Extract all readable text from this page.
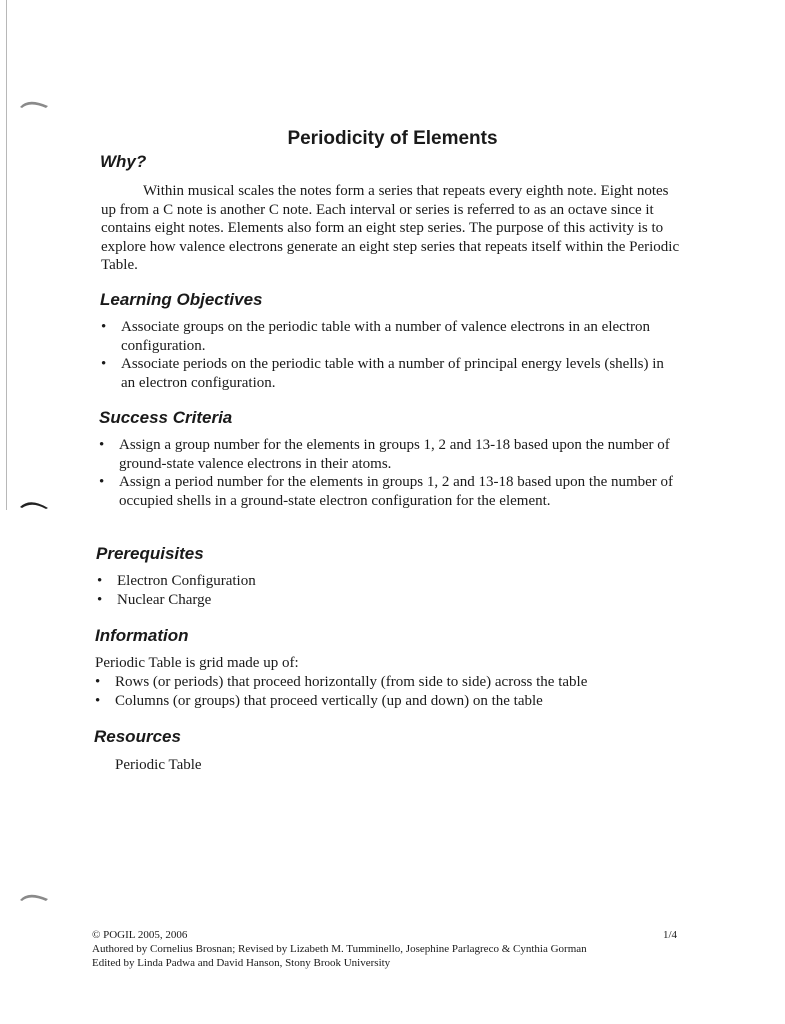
Periodicity of Elements
Why?

Within musical scales the notes form a series that repeats every eighth note. Eight notes up from a C note is another C note. Each interval or series is referred to as an octave since it contains eight notes. Elements also form an eight step series. The purpose of this activity is to explore how valence electrons generate an eight step series that repeats itself within the Periodic Table.

Learning Objectives
• Associate groups on the periodic table with a number of valence electrons in an electron configuration.
• Associate periods on the periodic table with a number of principal energy levels (shells) in an electron configuration.
Success Criteria
• Assign a group number for the elements in groups 1, 2 and 13-18 based upon the number of ground-state valence electrons in their atoms.
• Assign a period number for the elements in groups 1, 2 and 13-18 based upon the number of occupied shells in a ground-state electron configuration for the element.
Prerequisites
• Electron Configuration
• Nuclear Charge
Information

Periodic Table is grid made up of:

• Rows (or periods) that proceed horizontally (from side to side) across the table
• Columns (or groups) that proceed vertically (up and down) on the table
Resources

Periodic Table

© POGIL 2005, 2006	1/4
Authored by Cornelius Brosnan; Revised by Lizabeth M. Tumminello, Josephine Parlagreco & Cynthia Gorman
Edited by Linda Padwa and David Hanson, Stony Brook University
